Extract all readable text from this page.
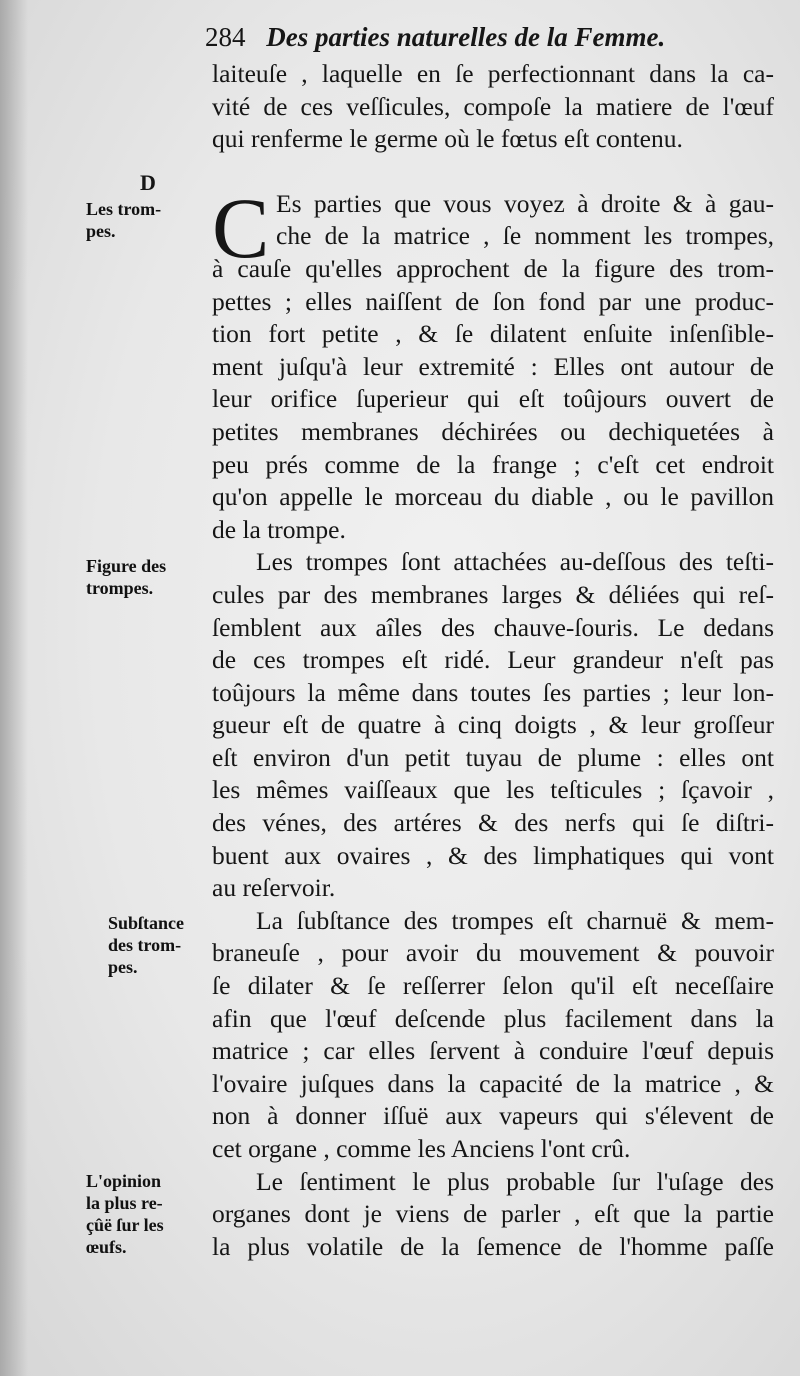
284 Des parties naturelles de la Femme.
D
Les trom-
pes.
Figure des
trompes.
Subſtance
des trom-
pes.
L'opinion
la plus re-
çûë ſur les
œufs.
C
laiteuſe , laquelle en ſe perfectionnant dans la ca-
vité de ces veſſicules, compoſe la matiere de l'œuf
qui renferme le germe où le fœtus eſt contenu.
Es parties que vous voyez à droite & à gau-
che de la matrice , ſe nomment les trompes,
à cauſe qu'elles approchent de la figure des trom-
pettes ; elles naiſſent de ſon fond par une produc-
tion fort petite , & ſe dilatent enſuite inſenſible-
ment juſqu'à leur extremité : Elles ont autour de
leur orifice ſuperieur qui eſt toûjours ouvert de
petites membranes déchirées ou dechiquetées à
peu prés comme de la frange ; c'eſt cet endroit
qu'on appelle le morceau du diable , ou le pavillon
de la trompe.
Les trompes ſont attachées au-deſſous des teſti-
cules par des membranes larges & déliées qui reſ-
ſemblent aux aîles des chauve-ſouris. Le dedans
de ces trompes eſt ridé. Leur grandeur n'eſt pas
toûjours la même dans toutes ſes parties ; leur lon-
gueur eſt de quatre à cinq doigts , & leur groſſeur
eſt environ d'un petit tuyau de plume : elles ont
les mêmes vaiſſeaux que les teſticules ; ſçavoir ,
des vénes, des artéres & des nerfs qui ſe diſtri-
buent aux ovaires , & des limphatiques qui vont
au reſervoir.
La ſubſtance des trompes eſt charnuë & mem-
braneuſe , pour avoir du mouvement & pouvoir
ſe dilater & ſe reſſerrer ſelon qu'il eſt neceſſaire
afin que l'œuf deſcende plus facilement dans la
matrice ; car elles ſervent à conduire l'œuf depuis
l'ovaire juſques dans la capacité de la matrice , &
non à donner iſſuë aux vapeurs qui s'élevent de
cet organe , comme les Anciens l'ont crû.
Le ſentiment le plus probable ſur l'uſage des
organes dont je viens de parler , eſt que la partie
la plus volatile de la ſemence de l'homme paſſe
